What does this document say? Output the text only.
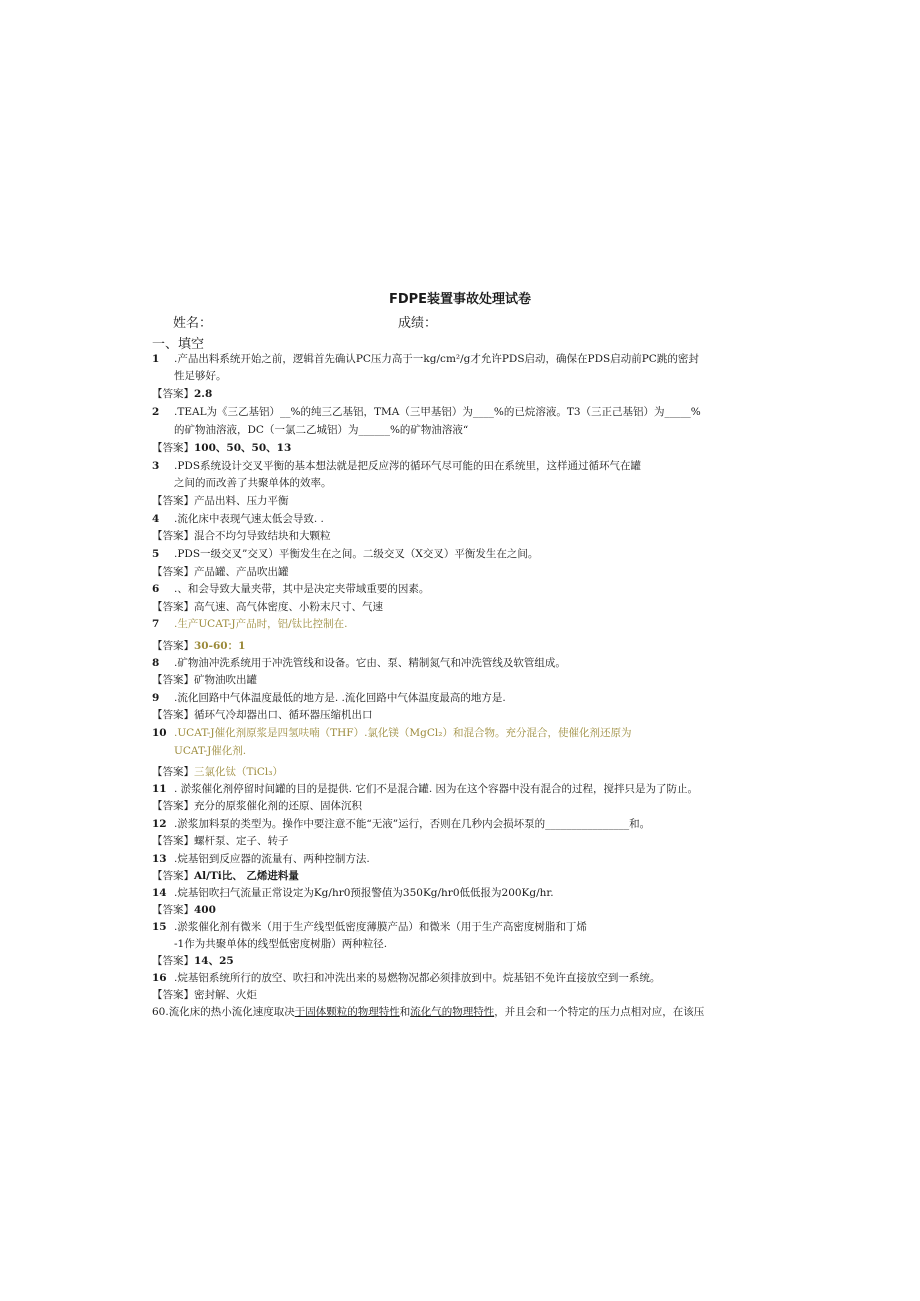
FDPE装置事故处理试卷
姓名：	成绩：
一、填空
1 .产品出料系统开始之前，逻辑首先确认PC压力高于一kg/cm²/g才允许PDS启动，确保在PDS启动前PC跳的密封
性足够好。
【答案】2.8
2 .TEAL为《三乙基铝）__%的纯三乙基铝，TMA（三甲基铝）为____%的已烷溶液。T3（三正己基铝）为_____%
的矿物油溶液，DC（一氯二乙城铝）为______%的矿物油溶液“
【答案】100、50、50、13
3 .PDS系统设计交叉平衡的基本想法就是把反应涔的循环气尽可能的田在系统里，这样通过循环气在罐
之间的而改善了共聚单体的效率。
【答案】产品出料、压力平衡
4 .流化床中表现气速太低会导致. .
【答案】混合不均匀导致结块和大颗粒
5 .PDS一级交叉”交叉）平衡发生在之间。二级交叉（X交叉）平衡发生在之间。
【答案】产品罐、产品吹出罐
6 .、和会导致大量夹带，其中是决定夹带域重要的因素。
【答案】高气速、高气体密度、小粉末尺寸、气速
7 .生产UCAT-J产品时，铝/钛比控制在.
【答案】30-60：1
8 .矿物油冲洗系统用于冲洗管线和设备。它由、泵、精制氮气和冲洗管线及软管组成。
【答案】矿物油吹出罐
9 .流化回路中气体温度最低的地方是. .流化回路中气体温度最高的地方是.
【答案】循环气冷却器出口、循环器压缩机出口
10 .UCAT-J催化剂原浆是四氢呋喃（THF）.氯化镁（MgCl₂）和混合物。充分混合，使催化剂还原为
UCAT-J催化剂.
【答案】三氯化钛（TiCl₃）
11 . 淤浆催化剂停留时间罐的目的是提供. 它们不是混合罐. 因为在这个容器中没有混合的过程，搅拌只是为了防止。
【答案】充分的原浆催化剂的还原、固体沉积
12 .淤浆加料泵的类型为。操作中要注意不能“无液”运行，否则在几秒内会损坏泵的________________和。
【答案】螺杆泵、定子、转子
13 .烷基铝到反应器的流量有、两种控制方法.
【答案】Al/Ti比、 乙烯进料量
14 .烷基铝吹扫气流量正常设定为Kg/hr0预报警值为350Kg/hr0低低报为200Kg/hr.
【答案】400
15 .淤浆催化剂有微米（用于生产线型低密度薄膜产品）和微米（用于生产高密度树脂和丁烯
-1作为共聚单体的线型低密度树脂）两种粒径.
【答案】14、25
16 .烷基铝系统所行的放空、吹扫和冲洗出来的易燃物况都必须排放到中。烷基铝不免许直接放空到一系统。
【答案】密封解、火炬
60.流化床的热小流化速度取决于固体颗粒的物理特性和流化气的物理特性，并且会和一个特定的压力点相对应，在该压
